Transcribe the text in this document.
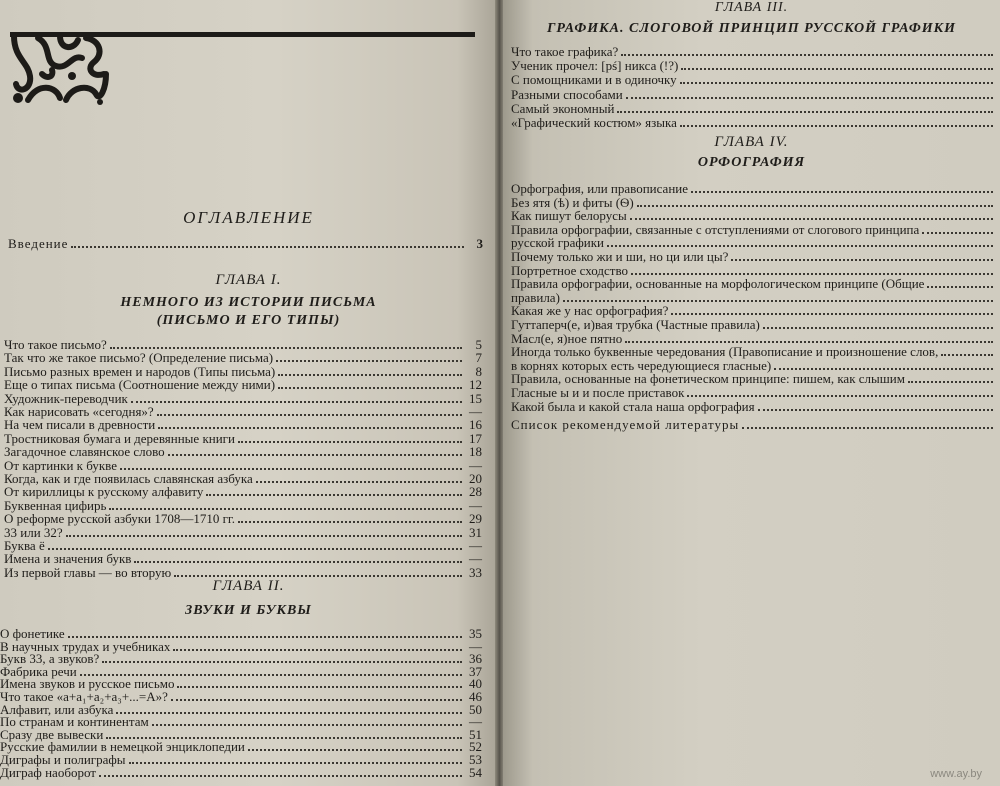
ОГЛАВЛЕНИЕ
Введение	3
ГЛАВА I.
НЕМНОГО ИЗ ИСТОРИИ ПИСЬМА
(ПИСЬМО И ЕГО ТИПЫ)
Что такое письмо?	5
Так что же такое письмо? (Определение письма)	7
Письмо разных времен и народов (Типы письма)	8
Еще о типах письма (Соотношение между ними)	12
Художник-переводчик	15
Как нарисовать «сегодня»?	—
На чем писали в древности	16
Тростниковая бумага и деревянные книги	17
Загадочное славянское слово	18
От картинки к букве	—
Когда, как и где появилась славянская азбука	20
От кириллицы к русскому алфавиту	28
Буквенная цифирь	—
О реформе русской азбуки 1708—1710 гг.	29
33 или 32?	31
Буква ё	—
Имена и значения букв	—
Из первой главы — во вторую	33
ГЛАВА II.
ЗВУКИ И БУКВЫ
О фонетике	35
В научных трудах и учебниках	—
Букв 33, а звуков?	36
Фабрика речи	37
Имена звуков и русское письмо	40
Что такое «a+a₁+a₂+a₃+...=A»?	46
Алфавит, или азбука	50
По странам и континентам	—
Сразу две вывески	51
Русские фамилии в немецкой энциклопедии	52
Диграфы и полиграфы	53
Диграф наоборот	54
ГЛАВА III.
ГРАФИКА. СЛОГОВОЙ ПРИНЦИП РУССКОЙ ГРАФИКИ
Что такое графика?
Ученик прочел: [pś] никса (!?)
С помощниками и в одиночку
Разными способами
Самый экономный
«Графический костюм» языка
ГЛАВА IV.
ОРФОГРАФИЯ
Орфография, или правописание
Без ятя (ѣ) и фиты (Ѳ)
Как пишут белорусы
Правила орфографии, связанные с отступлениями от слогового принципа
русской графики
Почему только жи и ши, но ци или цы?
Портретное сходство
Правила орфографии, основанные на морфологическом принципе (Общие
правила)
Какая же у нас орфография?
Гуттаперч(е, и)вая трубка (Частные правила)
Масл(е, я)ное пятно
Иногда только буквенные чередования (Правописание и произношение слов,
в корнях которых есть чередующиеся гласные)
Правила, основанные на фонетическом принципе: пишем, как слышим
Гласные ы и и после приставок
Какой была и какой стала наша орфография
Список рекомендуемой литературы
www.ay.by
